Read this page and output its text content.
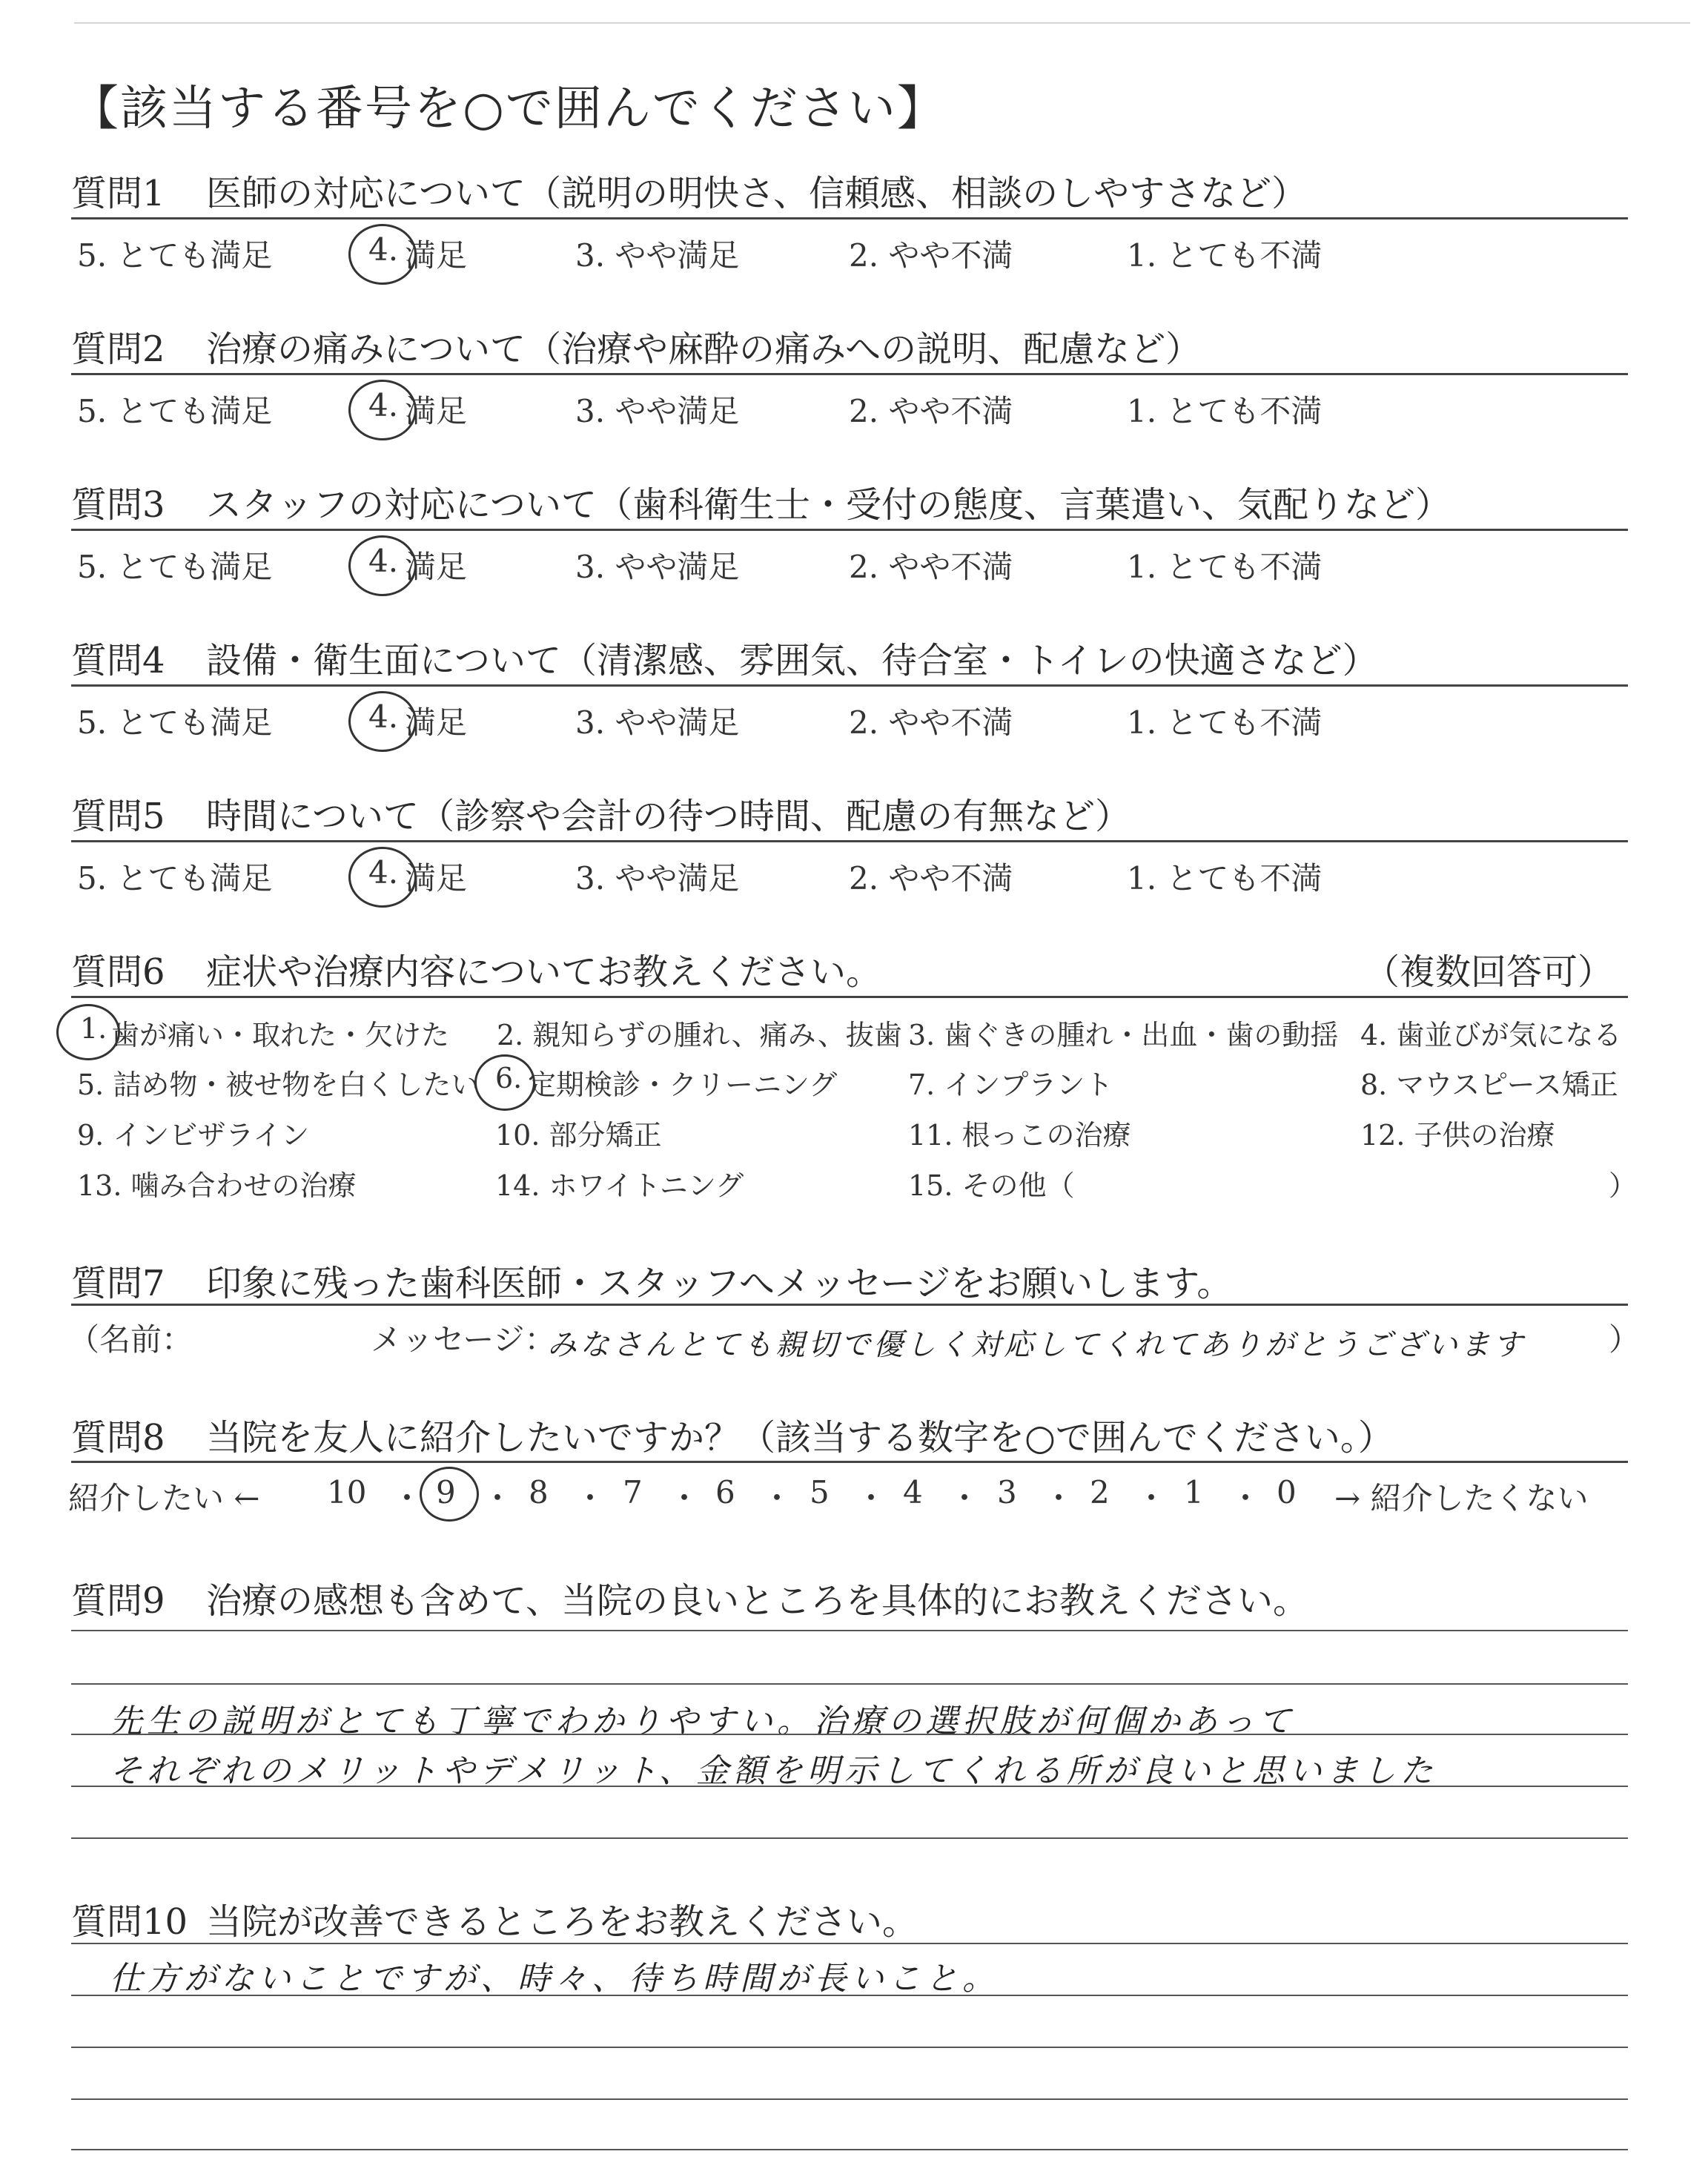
【該当する番号を○で囲んでください】
質問1 医師の対応について（説明の明快さ、信頼感、相談のしやすさなど）
5. とても満足	4. 満足	3. やや満足	2. やや不満	1. とても不満
質問2 治療の痛みについて（治療や麻酔の痛みへの説明、配慮など）
5. とても満足	4. 満足	3. やや満足	2. やや不満	1. とても不満
質問3 スタッフの対応について（歯科衛生士・受付の態度、言葉遣い、気配りなど）
5. とても満足	4. 満足	3. やや満足	2. やや不満	1. とても不満
質問4 設備・衛生面について（清潔感、雰囲気、待合室・トイレの快適さなど）
5. とても満足	4. 満足	3. やや満足	2. やや不満	1. とても不満
質問5 時間について（診察や会計の待つ時間、配慮の有無など）
5. とても満足	4. 満足	3. やや満足	2. やや不満	1. とても不満
質問6 症状や治療内容についてお教えください。	（複数回答可）
1. 歯が痛い・取れた・欠けた 2. 親知らずの腫れ、痛み、抜歯 3. 歯ぐきの腫れ・出血・歯の動揺 4. 歯並びが気になる
5. 詰め物・被せ物を白くしたい 6. 定期検診・クリーニング	7. インプラント	8. マウスピース矯正
9. インビザライン	10. 部分矯正	11. 根っこの治療	12. 子供の治療
13. 噛み合わせの治療	14. ホワイトニング	15. その他（	）
質問7 印象に残った歯科医師・スタッフへメッセージをお願いします。
（名前：	メッセージ：
みなさんとても親切で優しく対応してくれてありがとうございます	）
質問8 当院を友人に紹介したいですか？（該当する数字を○で囲んでください。）
紹介したい ← 10 ・ 9 ・ 8 ・ 7 ・ 6 ・ 5 ・ 4 ・ 3 ・ 2 ・ 1 ・ 0 → 紹介したくない
質問9 治療の感想も含めて、当院の良いところを具体的にお教えください。
先生の説明がとても丁寧でわかりやすい。治療の選択肢が何個かあって
それぞれのメリットやデメリット、金額を明示してくれる所が良いと思いました
質問10 当院が改善できるところをお教えください。
仕方がないことですが、時々、待ち時間が長いこと。
